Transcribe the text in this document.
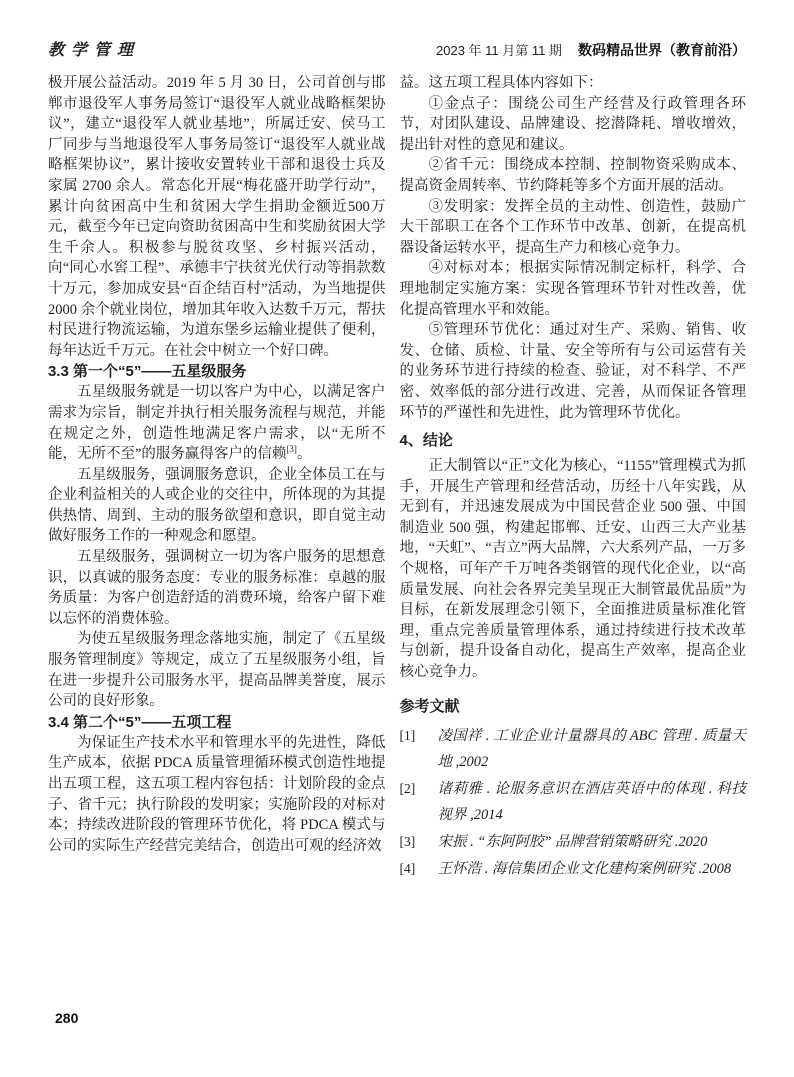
教学管理	2023 年 11 月第 11 期 数码精品世界（教育前沿）

极开展公益活动。2019 年 5 月 30 日，公司首创与邯郸市退役军人事务局签订“退役军人就业战略框架协议”，建立“退役军人就业基地”，所属迁安、侯马工厂同步与当地退役军人事务局签订“退役军人就业战略框架协议”，累计接收安置转业干部和退役士兵及家属 2700 余人。常态化开展“梅花盛开助学行动”，累计向贫困高中生和贫困大学生捐助金额近500万元，截至今年已定向资助贫困高中生和奖励贫困大学生千余人。积极参与脱贫攻坚、乡村振兴活动，向“同心水窖工程”、承德丰宁扶贫光伏行动等捐款数十万元，参加成安县“百企结百村”活动，为当地提供 2000 余个就业岗位，增加其年收入达数千万元，帮扶村民进行物流运输，为道东堡乡运输业提供了便利，每年达近千万元。在社会中树立一个好口碑。

3.3 第一个“5”——五星级服务

五星级服务就是一切以客户为中心，以满足客户需求为宗旨，制定并执行相关服务流程与规范，并能在规定之外，创造性地满足客户需求，以“无所不能，无所不至”的服务赢得客户的信赖[3]。

五星级服务，强调服务意识，企业全体员工在与企业利益相关的人或企业的交往中，所体现的为其提供热情、周到、主动的服务欲望和意识，即自觉主动做好服务工作的一种观念和愿望。

五星级服务，强调树立一切为客户服务的思想意识，以真诚的服务态度：专业的服务标准：卓越的服务质量：为客户创造舒适的消费环境，给客户留下难以忘怀的消费体验。

为使五星级服务理念落地实施，制定了《五星级服务管理制度》等规定，成立了五星级服务小组，旨在进一步提升公司服务水平，提高品牌美誉度，展示公司的良好形象。

3.4 第二个“5”——五项工程

为保证生产技术水平和管理水平的先进性，降低生产成本，依据 PDCA 质量管理循环模式创造性地提出五项工程，这五项工程内容包括：计划阶段的金点子、省千元；执行阶段的发明家；实施阶段的对标对本；持续改进阶段的管理环节优化，将 PDCA 模式与公司的实际生产经营完美结合，创造出可观的经济效

益。这五项工程具体内容如下：

①金点子：围绕公司生产经营及行政管理各环节，对团队建设、品牌建设、挖潜降耗、增收增效，提出针对性的意见和建议。

②省千元：围绕成本控制、控制物资采购成本、提高资金周转率、节约降耗等多个方面开展的活动。

③发明家：发挥全员的主动性、创造性，鼓励广大干部职工在各个工作环节中改革、创新，在提高机器设备运转水平，提高生产力和核心竞争力。

④对标对本；根据实际情况制定标杆，科学、合理地制定实施方案：实现各管理环节针对性改善，优化提高管理水平和效能。

⑤管理环节优化：通过对生产、采购、销售、收发、仓储、质检、计量、安全等所有与公司运营有关的业务环节进行持续的检查、验证，对不科学、不严密、效率低的部分进行改进、完善，从而保证各管理环节的严谨性和先进性，此为管理环节优化。

4、结论

正大制管以“正”文化为核心，“1155”管理模式为抓手，开展生产管理和经营活动，历经十八年实践，从无到有，并迅速发展成为中国民营企业 500 强、中国制造业 500 强，构建起邯郸、迁安、山西三大产业基地，“天虹”、“吉立”两大品牌，六大系列产品，一万多个规格，可年产千万吨各类钢管的现代化企业，以“高质量发展、向社会各界完美呈现正大制管最优品质”为目标，在新发展理念引领下，全面推进质量标准化管理，重点完善质量管理体系，通过持续进行技术改革与创新，提升设备自动化，提高生产效率，提高企业核心竞争力。

参考文献
[1] 凌国祥 . 工业企业计量器具的 ABC 管理 . 质量天地 ,2002
[2] 诸莉雅 . 论服务意识在酒店英语中的体现 . 科技视界 ,2014
[3] 宋振 . “东阿阿胶” 品牌营销策略研究 .2020
[4] 王怀浩 . 海信集团企业文化建构案例研究 .2008
280
